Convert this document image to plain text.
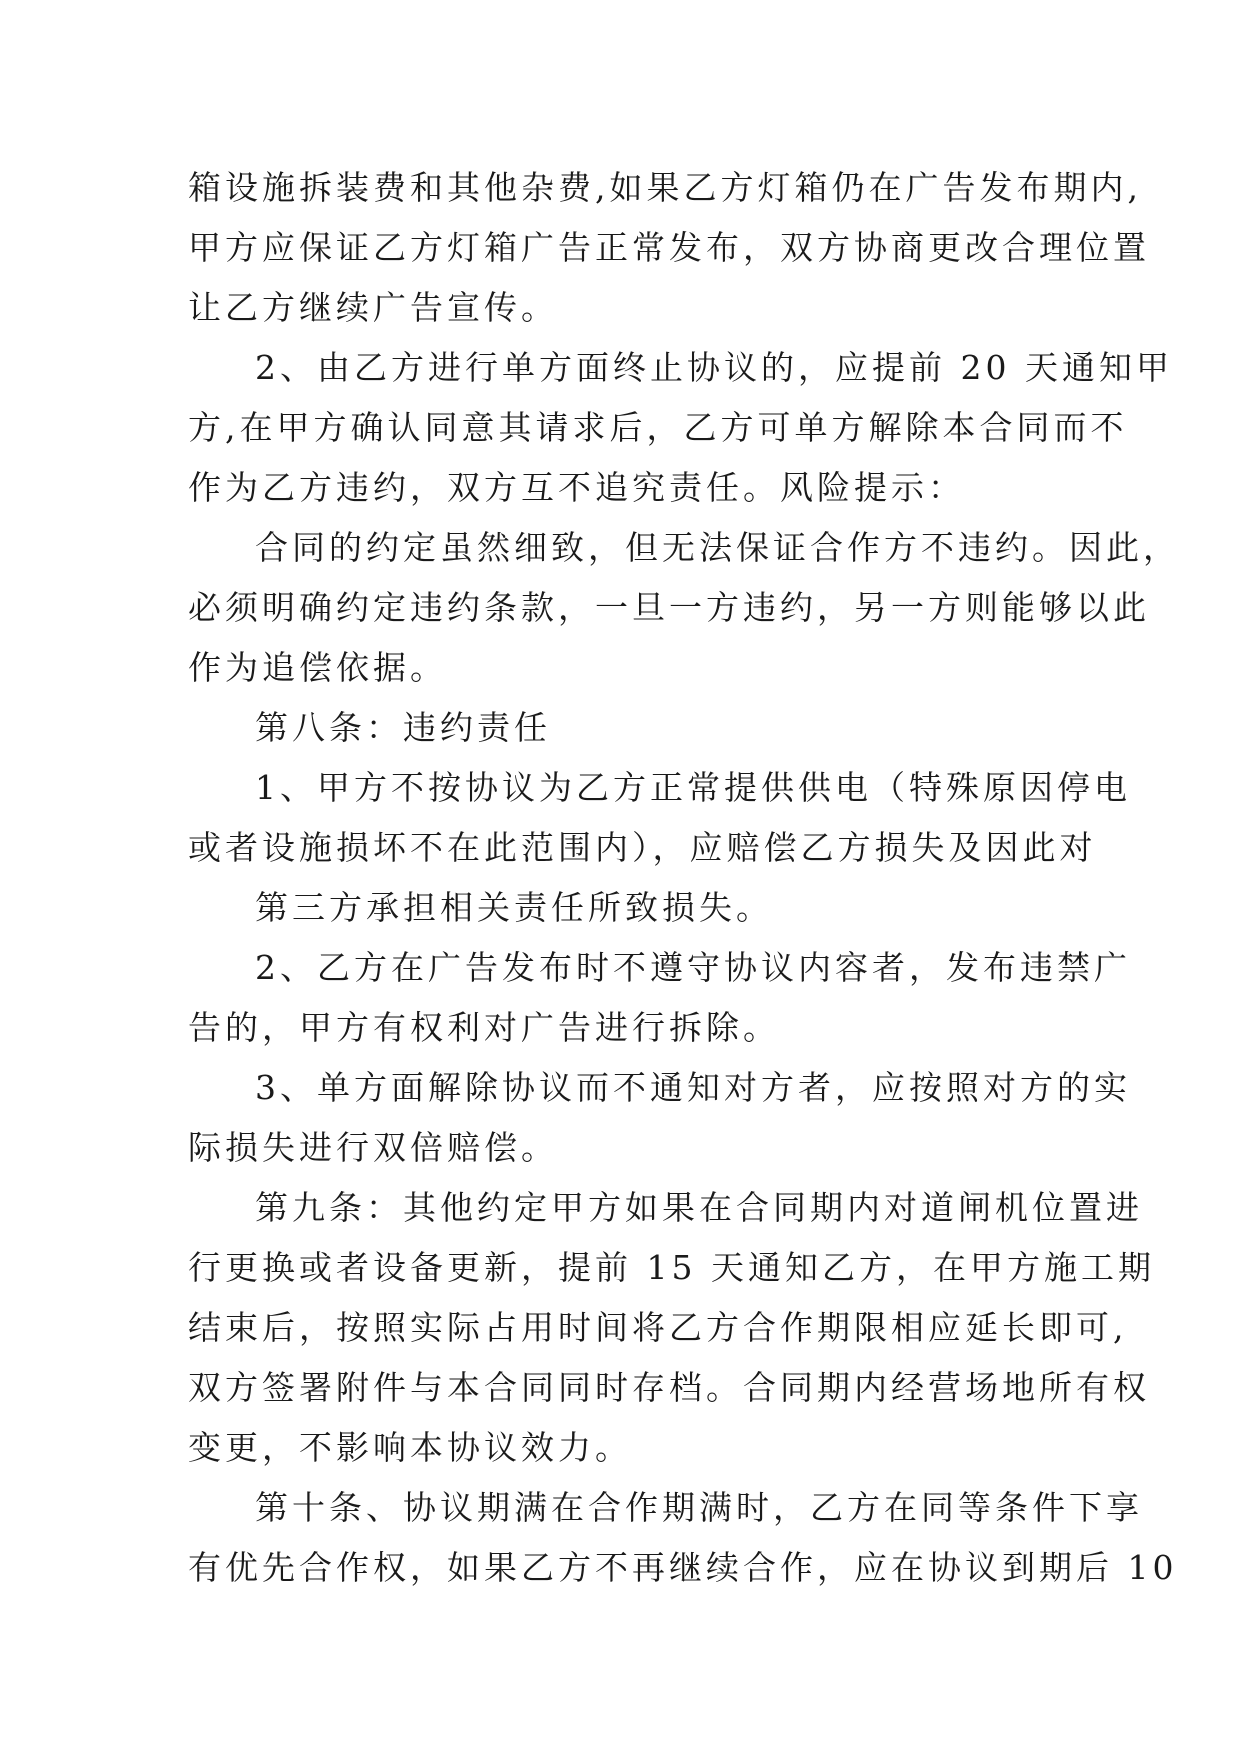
箱设施拆装费和其他杂费,如果乙方灯箱仍在广告发布期内,
甲方应保证乙方灯箱广告正常发布，双方协商更改合理位置
让乙方继续广告宣传。
2、由乙方进行单方面终止协议的，应提前 20 天通知甲
方,在甲方确认同意其请求后，乙方可单方解除本合同而不
作为乙方违约，双方互不追究责任。风险提示：
合同的约定虽然细致，但无法保证合作方不违约。因此，
必须明确约定违约条款，一旦一方违约，另一方则能够以此
作为追偿依据。
第八条：违约责任
1、甲方不按协议为乙方正常提供供电（特殊原因停电
或者设施损坏不在此范围内），应赔偿乙方损失及因此对
第三方承担相关责任所致损失。
2、乙方在广告发布时不遵守协议内容者，发布违禁广
告的，甲方有权利对广告进行拆除。
3、单方面解除协议而不通知对方者，应按照对方的实
际损失进行双倍赔偿。
第九条：其他约定甲方如果在合同期内对道闸机位置进
行更换或者设备更新，提前 15 天通知乙方，在甲方施工期
结束后，按照实际占用时间将乙方合作期限相应延长即可,
双方签署附件与本合同同时存档。合同期内经营场地所有权
变更，不影响本协议效力。
第十条、协议期满在合作期满时，乙方在同等条件下享
有优先合作权，如果乙方不再继续合作，应在协议到期后 10
